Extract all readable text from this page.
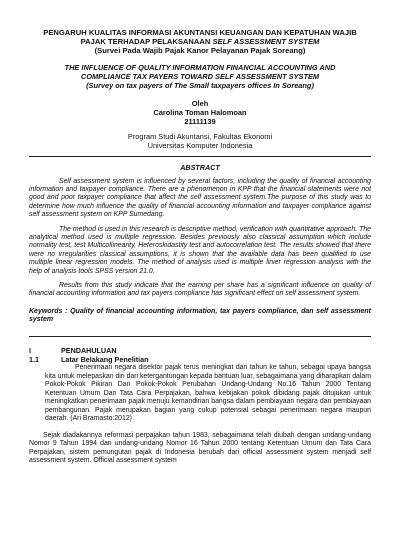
PENGARUH KUALITAS INFORMASI AKUNTANSI KEUANGAN DAN KEPATUHAN WAJIB

PAJAK TERHADAP PELAKSANAAN SELF ASSESSMENT SYSTEM

(Survei Pada Wajib Pajak Kanor Pelayanan Pajak Soreang)

THE INFLUENCE OF QUALITY INFORMATION FINANCIAL ACCOUNTING AND
COMPLIANCE TAX PAYERS TOWARD SELF ASSESSMENT SYSTEM
(Survey on tax payers of The Small taxpayers offices In Soreang)
Oleh
Carolina Toman Halomoan
21111139
Program Studi Akuntansi, Fakultas Ekonomi
Universitas Komputer Indonesia
ABSTRACT

Self assessment system is influenced by several factors, including the quality of financial accounting information and taxpayer compliance. There are a phenomenon in KPP that the financial statements were not good and poor taxpayer compliance that affect the self assessment system.The purpose of this study was to determine how much influence the quality of financial accounting information and taxpayer compliance against self assessment system on KPP Sumedang.

The method is used in this research is descriptive method, verification with quantitative approach. The analytical method used is multiple regression. Besides previously also classical assumption which include normality test, test Multicollinearity, Heteroskidastity test and autocorrelation test. The results showed that there were no irregularities classical assumptions, it is shown that the available data has been qualified to use multiple linear regression models. The method of analysis used is multiple linier regression analysis with the help of analysis tools SPSS version 21.0.

Results from this study indicate that the earning per share has a significant influence on quality of financial accounting information and tax payers compliance has significant effect on self assessment system.

Keywords : Quality of financial accounting information, tax payers compliance, dan self assessment system
I	PENDAHULUAN
1.1	Latar Belakang Penelitian

Penerimaan negara disektor pajak terus meningkat dari tahun ke tahun, sebagai upaya bangsa kita untuk melepaskan diri dari ketergantungan kepada bantuan luar, sebagaimana yang diharapkan dalam Pokok-Pokok Pikiran Dan Pokok-Pokok Perubahan Undang-Undang No.16 Tahun 2000 Tentang Ketentuan Umum Dan Tata Cara Perpajakan, bahwa kebijakan pokok dibidang pajak ditujukan untuk meningkatkan penerimaan pajak menuju kemandirian bangsa dalam pembiayaan negara dan pembiayaan pembangunan. Pajak merupakan bagian yang cukup potensial sebagai penerimaan negara maupun daerah. (Ari Bramasto:2012)

Sejak diadakannya reformasi perpajakan tahun 1983, sebagaimana telah diubah dengan undang-undang Nomor 9 Tahun 1994 dan undang-undang Nomor 16 Tahun 2000 tentang Ketentuan Umum dan Tata Cara Perpajakan, sistem pemungutan pajak di Indonesia berubah dari official assessment system menjadi self assessment system. Official assessment system
